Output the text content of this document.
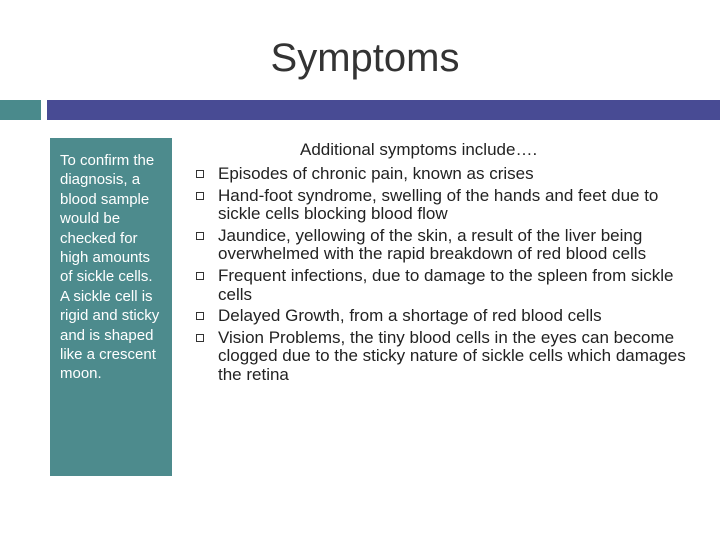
Symptoms
To confirm the diagnosis, a blood sample would be checked for high amounts of sickle cells. A sickle cell is rigid and sticky and is shaped like a crescent moon.
Additional symptoms include….
Episodes of chronic pain, known as crises
Hand-foot syndrome, swelling of the hands and feet due to sickle cells blocking blood flow
Jaundice, yellowing of the skin, a result of the liver being overwhelmed with the rapid breakdown of red blood cells
Frequent infections, due to damage to the spleen from sickle cells
Delayed Growth, from a shortage of red blood cells
Vision Problems, the tiny blood cells in the eyes can become clogged due to the sticky nature of sickle cells which damages the retina
